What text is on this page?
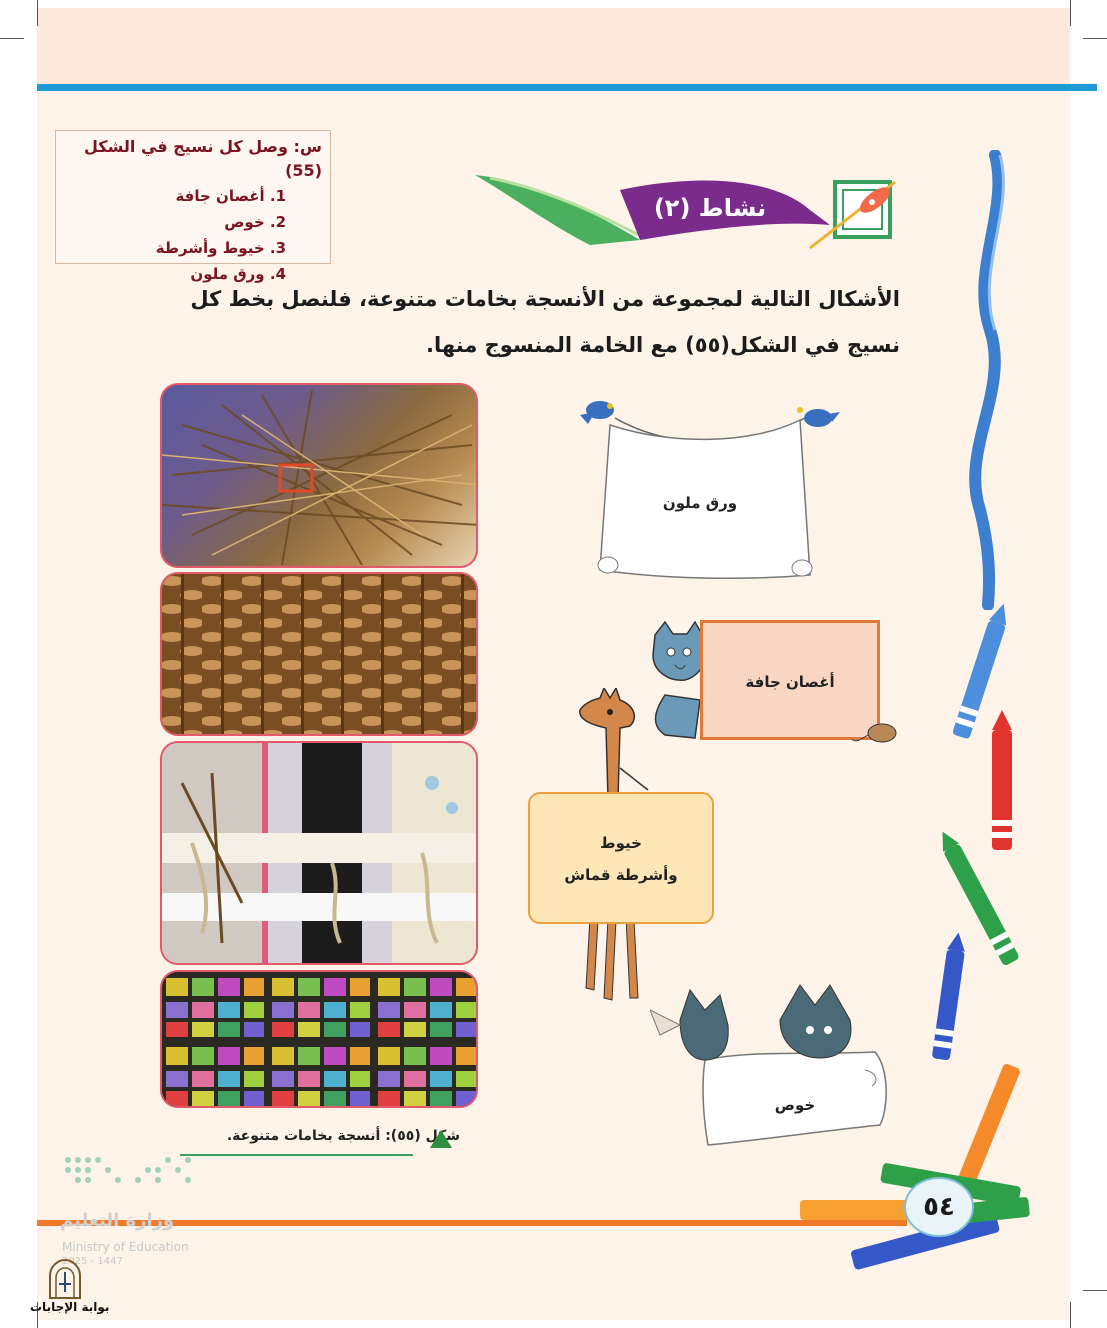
٥٤
س: وصل كل نسيج في الشكل (55)
1. أغصان جافة
2. خوص
3. خيوط وأشرطة
4. ورق ملون
نشاط (٢)
الأشكال التالية لمجموعة من الأنسجة بخامات متنوعة، فلنصل بخط كل
نسيج في الشكل(٥٥) مع الخامة المنسوج منها.
شكل (٥٥): أنسجة بخامات متنوعة.
ورق ملون
أغصان جافة
خيوط
وأشرطة قماش
خوص
وزارة التعليم
Ministry of Education
2025 - 1447
بوابة الإجابات
